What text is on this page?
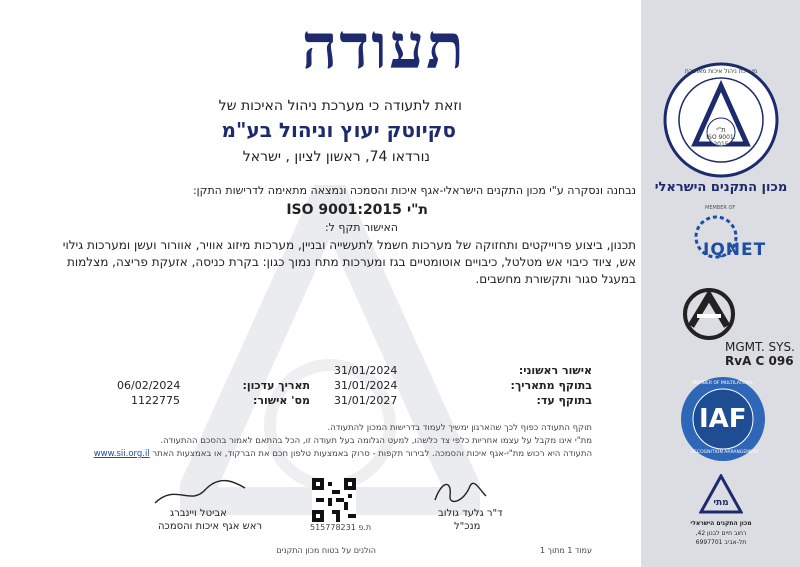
מערכת ניהול איכות מאושרת
ת"י
ISO 9001:
2015
מכון התקנים הישראלי
MEMBER OF
IQNET
MGMT. SYS.
RvA C 096
MEMBER OF MULTILATERAL
IAF
RECOGNITION ARRANGEMENT
מתי
מכון התקנים הישראלי
רחוב חיים לבנון 42,
תל-אביב 6997701
תעודה
וזאת לתעודה כי מערכת ניהול האיכות של
סקיוטק יעוץ וניהול בע"מ
נורדאו 74, ראשון לציון , ישראל
נבחנה ונסקרה ע"י מכון התקנים הישראלי-אגף איכות והסמכה ונמצאה מתאימה לדרישות התקן:
ת"י ISO 9001:2015
האישור תקף ל:
תכנון, ביצוע פרוייקטים ותחזוקה של מערכות חשמל לתעשייה ובניין, מערכות מיזוג אוויר, אוורור ועשן ומערכות גילוי אש, ציוד כיבוי אש מטלטל, כיבויים אוטומטיים בגז ומערכות מתח נמוך כגון: בקרת כניסה, אזעקת פריצה, מצלמות במעגל סגור ותקשורת מחשבים.
אישור ראשוני:
31/01/2024
בתוקף מתאריך:
31/01/2024
בתוקף עד:
31/01/2027
תאריך עדכון:
06/02/2024
מס' אישור:
1122775
תוקף התעודה כפוף לכך שהארגון ימשיך לעמוד בדרישות המכון להתעודה.
מת"י אינו מקבל על עצמו אחריות כלפי צד כלשהו, למעט הגלומה בעל תעודה זו, הכל בהתאם לאמור בהסכם ההתעודה.
התעודה היא רכוש מת"י-אגף איכות והסמכה. לבירור תקפות - סרוק באמצעות טלפון חכם את הברקוד, או באמצעות האתר www.sii.org.il
אביטל ויינברג
ראש אגף איכות והסמכה	ת.פ 515778231
ד"ר גלעד גולוב
מנכ"ל
עמוד 1 מתוך 1
הולנים על בטוח מכון התקנים
